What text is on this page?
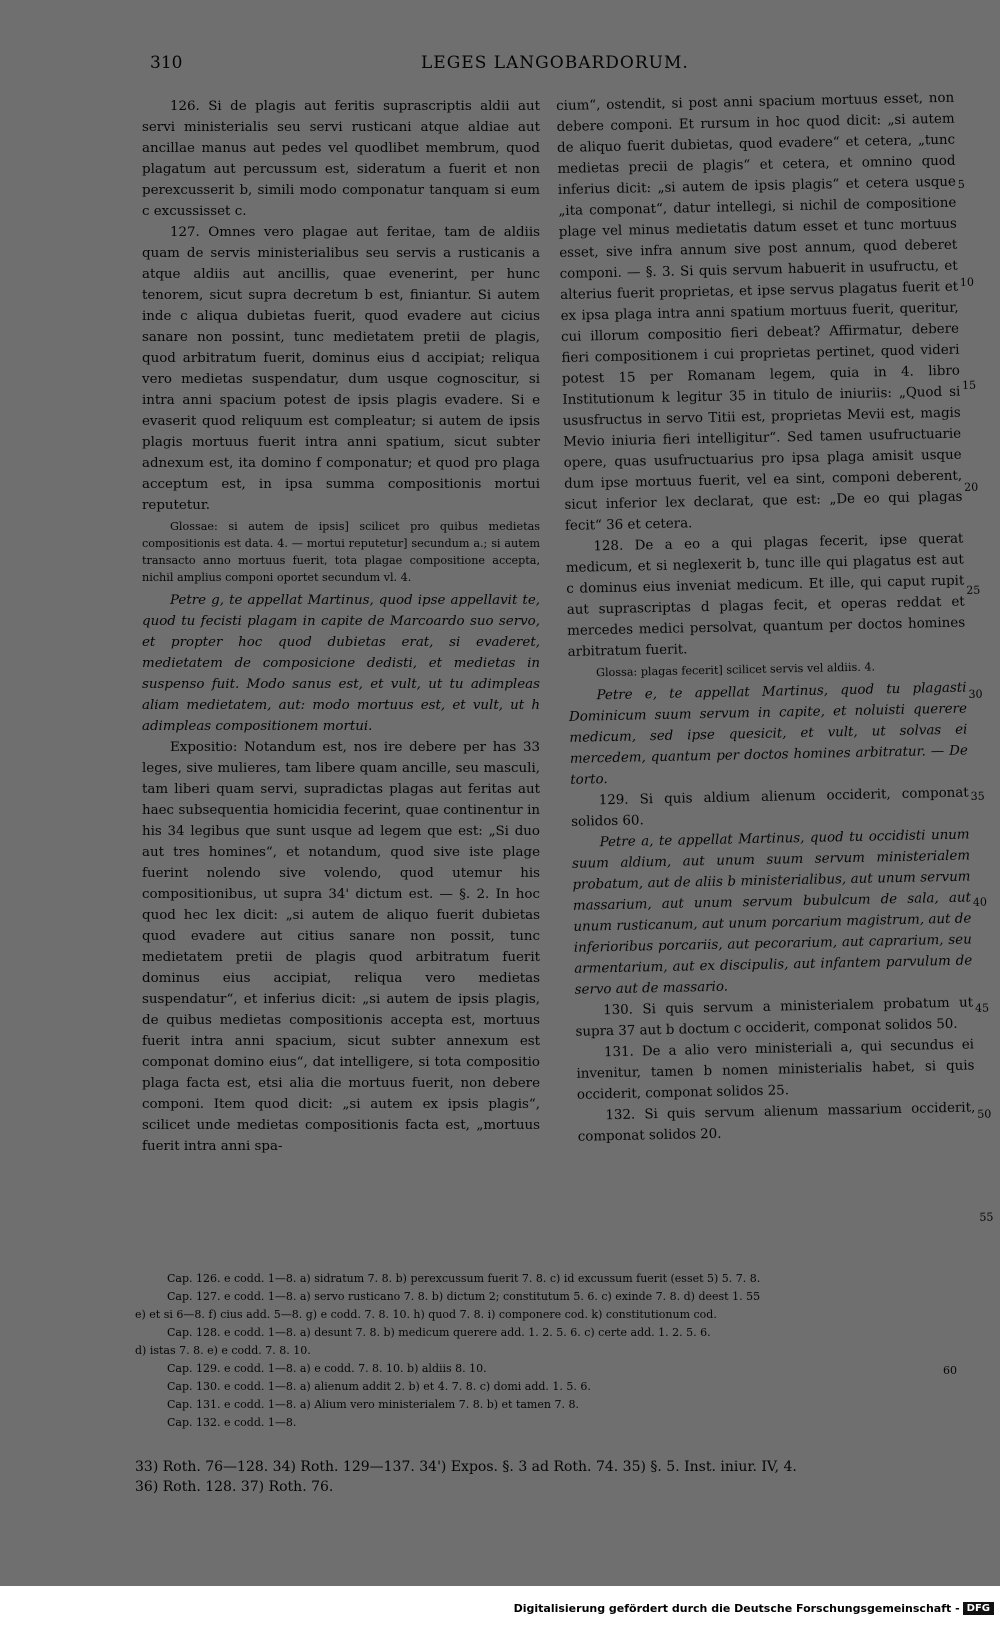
310	LEGES LANGOBARDORUM.

126. Si de plagis aut feritis suprascriptis aldii aut servi ministerialis seu servi rusticani atque aldiae aut ancillae manus aut pedes vel quodlibet membrum, quod plagatum aut percussum est, sideratum a fuerit et non perexcusserit b, simili modo componatur tanquam si eum c excussisset c.

127. Omnes vero plagae aut feritae, tam de aldiis quam de servis ministerialibus seu servis a rusticanis a atque aldiis aut ancillis, quae evenerint, per hunc tenorem, sicut supra decretum b est, finiantur. Si autem inde c aliqua dubietas fuerit, quod evadere aut cicius sanare non possint, tunc medietatem pretii de plagis, quod arbitratum fuerit, dominus eius d accipiat; reliqua vero medietas suspendatur, dum usque cognoscitur, si intra anni spacium potest de ipsis plagis evadere. Si e evaserit quod reliquum est compleatur; si autem de ipsis plagis mortuus fuerit intra anni spatium, sicut subter adnexum est, ita domino f componatur; et quod pro plaga acceptum est, in ipsa summa compositionis mortui reputetur.

Glossae: si autem de ipsis] scilicet pro quibus medietas compositionis est data. 4. — mortui reputetur] secundum a.; si autem transacto anno mortuus fuerit, tota plagae compositione accepta, nichil amplius componi oportet secundum vl. 4.

Petre g, te appellat Martinus, quod ipse appellavit te, quod tu fecisti plagam in capite de Marcoardo suo servo, et propter hoc quod dubietas erat, si evaderet, medietatem de composicione dedisti, et medietas in suspenso fuit. Modo sanus est, et vult, ut tu adimpleas aliam medietatem, aut: modo mortuus est, et vult, ut h adimpleas compositionem mortui.

Expositio: Notandum est, nos ire debere per has 33 leges, sive mulieres, tam libere quam ancille, seu masculi, tam liberi quam servi, supradictas plagas aut feritas aut haec subsequentia homicidia fecerint, quae continentur in his 34 legibus que sunt usque ad legem que est: „Si duo aut tres homines“, et notandum, quod sive iste plage fuerint nolendo sive volendo, quod utemur his compositionibus, ut supra 34' dictum est. — §. 2. In hoc quod hec lex dicit: „si autem de aliquo fuerit dubietas quod evadere aut citius sanare non possit, tunc medietatem pretii de plagis quod arbitratum fuerit dominus eius accipiat, reliqua vero medietas suspendatur“, et inferius dicit: „si autem de ipsis plagis, de quibus medietas compositionis accepta est, mortuus fuerit intra anni spacium, sicut subter annexum est componat domino eius“, dat intelligere, si tota compositio plaga facta est, etsi alia die mortuus fuerit, non debere componi. Item quod dicit: „si autem ex ipsis plagis“, scilicet unde medietas compositionis facta est, „mortuus fuerit intra anni spa-

cium“, ostendit, si post anni spacium mortuus esset, non debere componi. Et rursum in hoc quod dicit: „si autem de aliquo fuerit dubietas, quod evadere“ et cetera, „tunc medietas precii de plagis“ et cetera, et omnino quod inferius dicit: „si autem de ipsis plagis“ et cetera usque „ita componat“, datur intellegi, si nichil de compositione plage vel minus medietatis datum esset et tunc mortuus esset, sive infra annum sive post annum, quod deberet componi. — §. 3. Si quis servum habuerit in usufructu, et alterius fuerit proprietas, et ipse servus plagatus fuerit et ex ipsa plaga intra anni spatium mortuus fuerit, queritur, cui illorum compositio fieri debeat? Affirmatur, debere fieri compositionem i cui proprietas pertinet, quod videri potest 15 per Romanam legem, quia in 4. libro Institutionum k legitur 35 in titulo de iniuriis: „Quod si ususfructus in servo Titii est, proprietas Mevii est, magis Mevio iniuria fieri intelligitur“. Sed tamen usufructuarie opere, quas usufructuarius pro ipsa plaga amisit usque dum ipse mortuus fuerit, vel ea sint, componi deberent, sicut inferior lex declarat, que est: „De eo qui plagas fecit“ 36 et cetera.

128. De a eo a qui plagas fecerit, ipse querat medicum, et si neglexerit b, tunc ille qui plagatus est aut c dominus eius inveniat medicum. Et ille, qui caput rupit aut suprascriptas d plagas fecit, et operas reddat et mercedes medici persolvat, quantum per doctos homines arbitratum fuerit.

Glossa: plagas fecerit] scilicet servis vel aldiis. 4.

Petre e, te appellat Martinus, quod tu plagasti Dominicum suum servum in capite, et noluisti querere medicum, sed ipse quesicit, et vult, ut solvas ei mercedem, quantum per doctos homines arbitratur. — De torto.

129. Si quis aldium alienum occiderit, componat solidos 60.

Petre a, te appellat Martinus, quod tu occidisti unum suum aldium, aut unum suum servum ministerialem probatum, aut de aliis b ministerialibus, aut unum servum massarium, aut unum servum bubulcum de sala, aut unum rusticanum, aut unum porcarium magistrum, aut de inferioribus porcariis, aut pecorarium, aut caprarium, seu armentarium, aut ex discipulis, aut infantem parvulum de servo aut de massario.

130. Si quis servum a ministerialem probatum ut supra 37 aut b doctum c occiderit, componat solidos 50.

131. De a alio vero ministeriali a, qui secundus ei invenitur, tamen b nomen ministerialis habet, si quis occiderit, componat solidos 25.

132. Si quis servum alienum massarium occiderit, componat solidos 20.

5
10
15
20
25
30
35
40
45
50
55
Cap. 126. e codd. 1—8. a) sidratum 7. 8. b) perexcussum fuerit 7. 8. c) id excussum fuerit (esset 5) 5. 7. 8.
Cap. 127. e codd. 1—8. a) servo rusticano 7. 8. b) dictum 2; constitutum 5. 6. c) exinde 7. 8. d) deest 1. 55
e) et si 6—8. f) cius add. 5—8. g) e codd. 7. 8. 10. h) quod 7. 8. i) componere cod. k) constitutionum cod.
Cap. 128. e codd. 1—8. a) desunt 7. 8. b) medicum querere add. 1. 2. 5. 6. c) certe add. 1. 2. 5. 6.
d) istas 7. 8. e) e codd. 7. 8. 10.
Cap. 129. e codd. 1—8. a) e codd. 7. 8. 10. b) aldiis 8. 10.
Cap. 130. e codd. 1—8. a) alienum addit 2. b) et 4. 7. 8. c) domi add. 1. 5. 6.
Cap. 131. e codd. 1—8. a) Alium vero ministerialem 7. 8. b) et tamen 7. 8.
Cap. 132. e codd. 1—8.
60
33) Roth. 76—128. 34) Roth. 129—137. 34') Expos. §. 3 ad Roth. 74. 35) §. 5. Inst. iniur. IV, 4.
36) Roth. 128. 37) Roth. 76.
Digitalisierung gefördert durch die Deutsche Forschungsgemeinschaft - DFG
